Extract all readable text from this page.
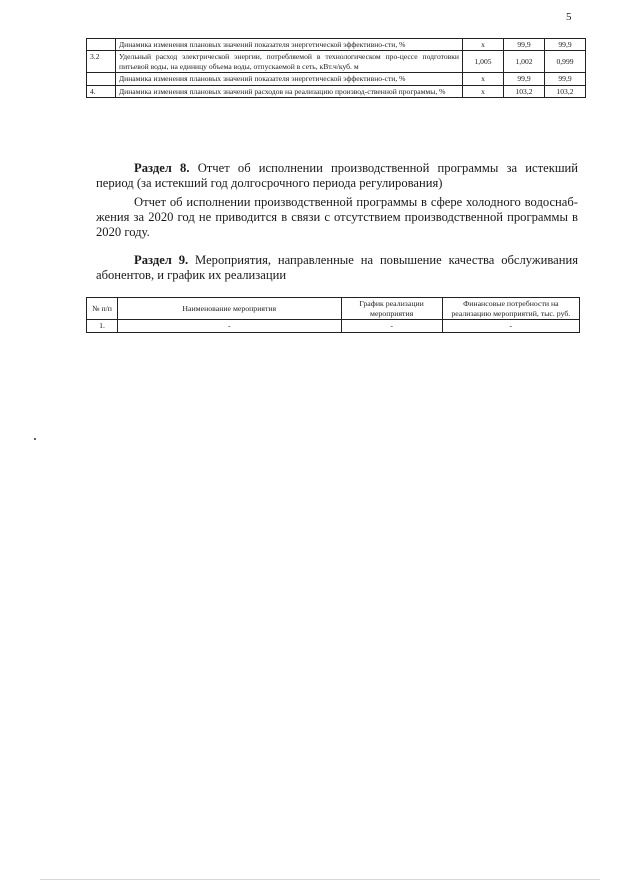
5
	Динамика изменения плановых значений показателя энергетической эффективно-сти, %	х	99,9	99,9
3.2	Удельный расход электрической энергии, потребляемой в технологическом про-цессе подготовки питьевой воды, на единицу объема воды, отпускаемой в сеть, кВт.ч/куб. м	1,005	1,002	0,999
	Динамика изменения плановых значений показателя энергетической эффективно-сти, %	х	99,9	99,9
4.	Динамика изменения плановых значений расходов на реализацию производ-ственной программы, %	х	103,2	103,2
Раздел 8. Отчет об исполнении производственной программы за истекший период (за истекший год долгосрочного периода регулирования)

Отчет об исполнении производственной программы в сфере холодного водоснаб-жения за 2020 год не приводится в связи с отсутствием производственной программы в 2020 году.

Раздел 9. Мероприятия, направленные на повышение качества обслуживания абонентов, и график их реализации
№ п/п	Наименование мероприятия	График реализации мероприятия	Финансовые потребности на реализацию мероприятий, тыс. руб.
1.	-	-	-
